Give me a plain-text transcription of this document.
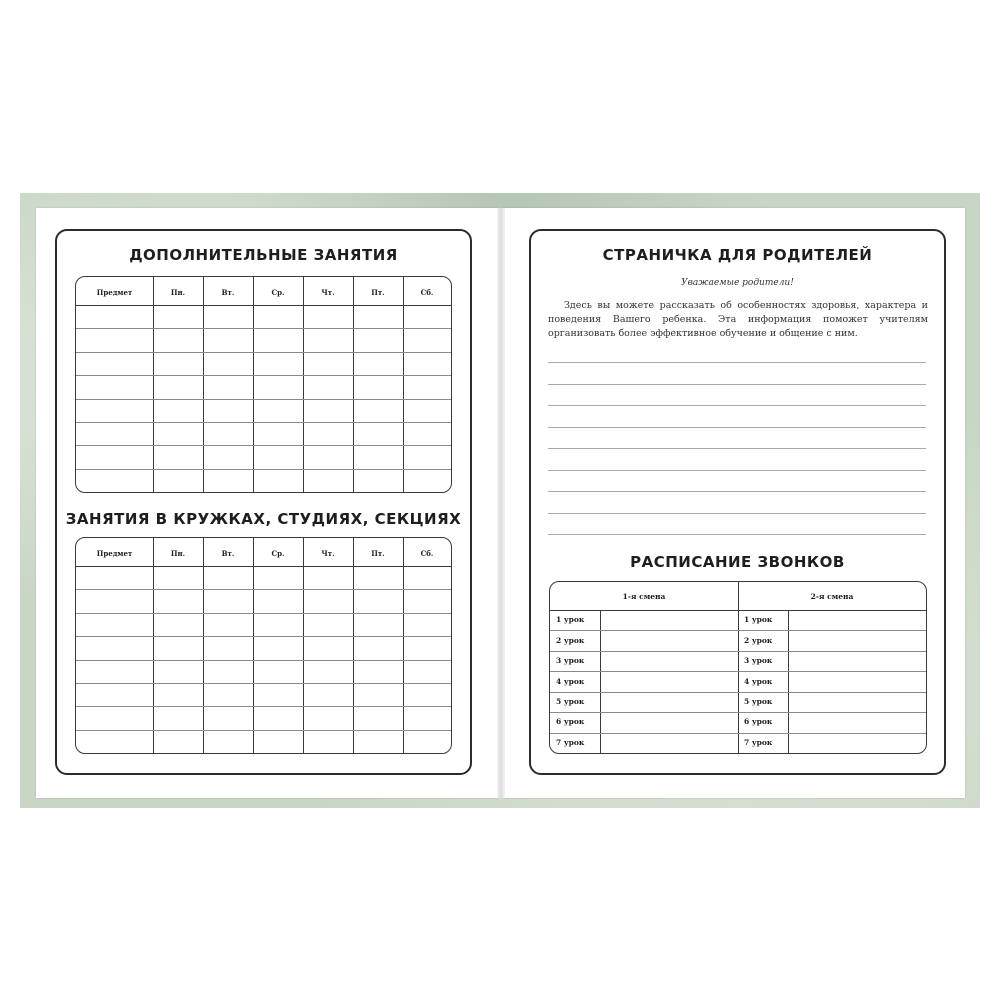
ДОПОЛНИТЕЛЬНЫЕ ЗАНЯТИЯ
Предмет	Пн.	Вт.	Ср.	Чт.	Пт.	Сб.
ЗАНЯТИЯ В КРУЖКАХ, СТУДИЯХ, СЕКЦИЯХ
Предмет	Пн.	Вт.	Ср.	Чт.	Пт.	Сб.
СТРАНИЧКА ДЛЯ РОДИТЕЛЕЙ
Уважаемые родители!
Здесь вы можете рассказать об особенностях здоровья, характера и поведения Вашего ребенка. Эта информация поможет учителям организовать более эффективное обучение и общение с ним.
РАСПИСАНИЕ ЗВОНКОВ
1-я смена	2-я смена
1 урок	1 урок
2 урок	2 урок
3 урок	3 урок
4 урок	4 урок
5 урок	5 урок
6 урок	6 урок
7 урок	7 урок
